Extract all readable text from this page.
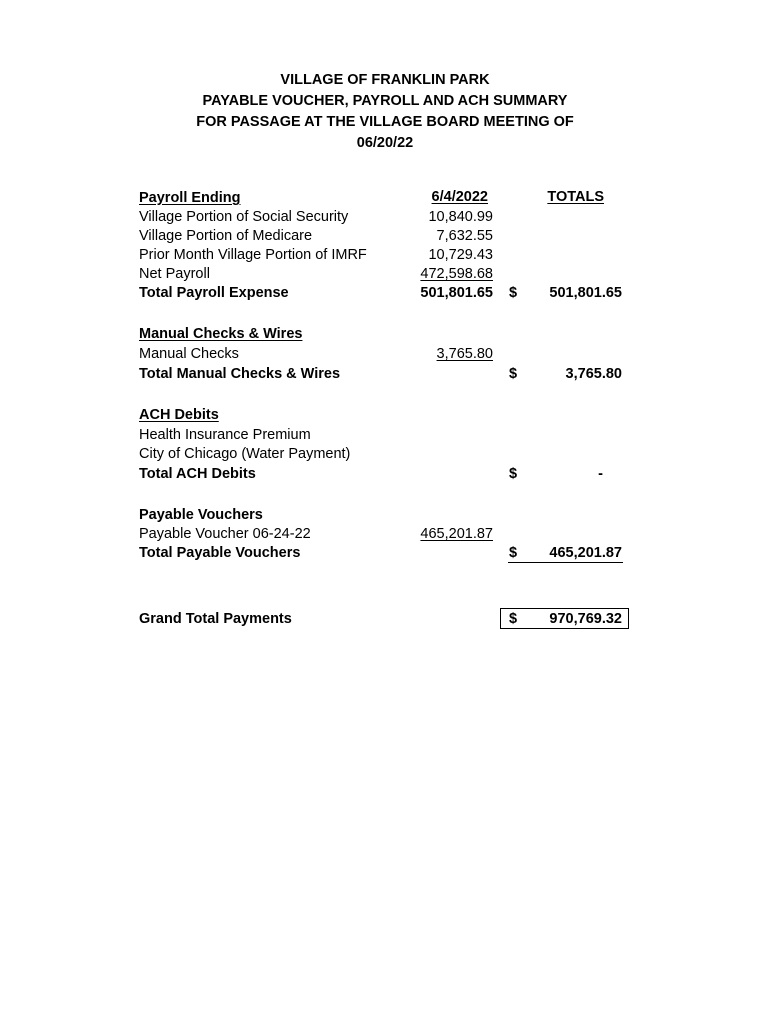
VILLAGE OF FRANKLIN PARK
PAYABLE VOUCHER, PAYROLL AND ACH SUMMARY
FOR PASSAGE AT THE VILLAGE BOARD MEETING OF
06/20/22
Payroll Ending	6/4/2022	TOTALS
Village Portion of Social Security	10,840.99
Village Portion of Medicare	7,632.55
Prior Month Village Portion of IMRF	10,729.43
Net Payroll	472,598.68
Total Payroll Expense	501,801.65 $ 501,801.65
Manual Checks & Wires
Manual Checks	3,765.80
Total Manual Checks & Wires	$	3,765.80
ACH Debits
Health Insurance Premium
City of Chicago (Water Payment)
Total ACH Debits	$	-
Payable Vouchers
Payable Voucher 06-24-22	465,201.87
Total Payable Vouchers	$ 465,201.87
Grand Total Payments	$ 970,769.32
